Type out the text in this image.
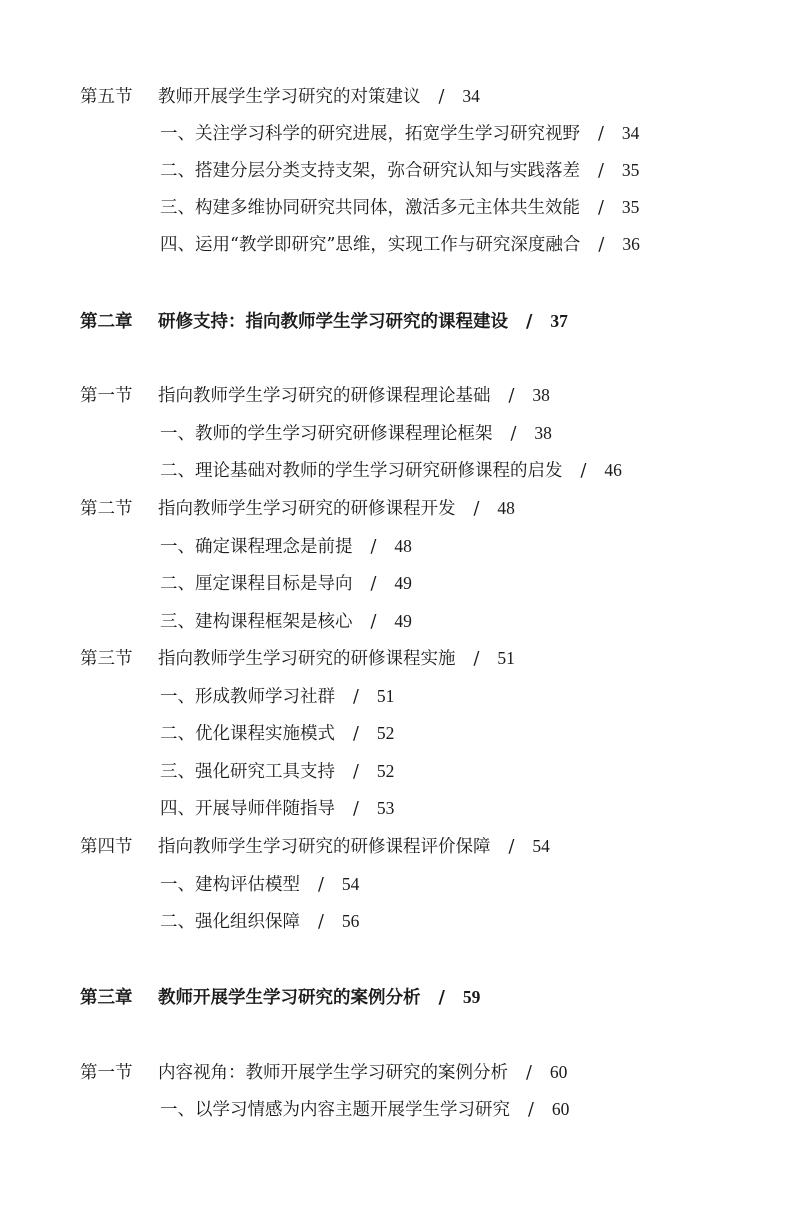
第五节 教师开展学生学习研究的对策建议 / 34
一、关注学习科学的研究进展，拓宽学生学习研究视野 / 34
二、搭建分层分类支持支架，弥合研究认知与实践落差 / 35
三、构建多维协同研究共同体，激活多元主体共生效能 / 35
四、运用“教学即研究”思维，实现工作与研究深度融合 / 36
第二章 研修支持：指向教师学生学习研究的课程建设 / 37
第一节 指向教师学生学习研究的研修课程理论基础 / 38
一、教师的学生学习研究研修课程理论框架 / 38
二、理论基础对教师的学生学习研究研修课程的启发 / 46
第二节 指向教师学生学习研究的研修课程开发 / 48
一、确定课程理念是前提 / 48
二、厘定课程目标是导向 / 49
三、建构课程框架是核心 / 49
第三节 指向教师学生学习研究的研修课程实施 / 51
一、形成教师学习社群 / 51
二、优化课程实施模式 / 52
三、强化研究工具支持 / 52
四、开展导师伴随指导 / 53
第四节 指向教师学生学习研究的研修课程评价保障 / 54
一、建构评估模型 / 54
二、强化组织保障 / 56
第三章 教师开展学生学习研究的案例分析 / 59
第一节 内容视角：教师开展学生学习研究的案例分析 / 60
一、以学习情感为内容主题开展学生学习研究 / 60
